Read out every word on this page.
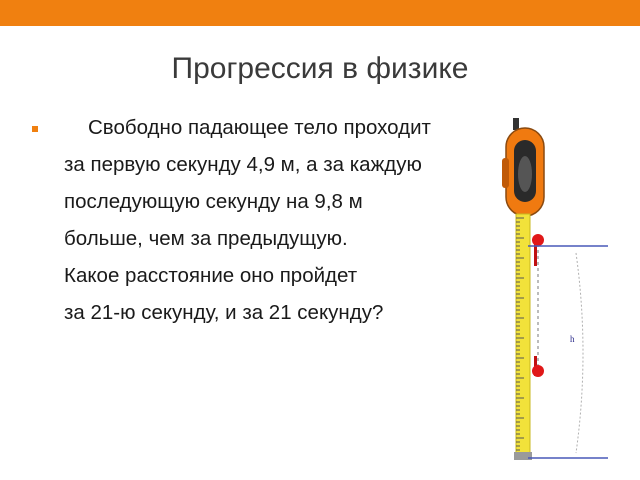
Прогрессия в физике
Свободно падающее тело проходит
за первую секунду 4,9 м, а за каждую
последующую секунду на 9,8 м
больше, чем за предыдущую.
Какое расстояние оно пройдет
за 21-ю секунду, и за 21 секунду?
h
